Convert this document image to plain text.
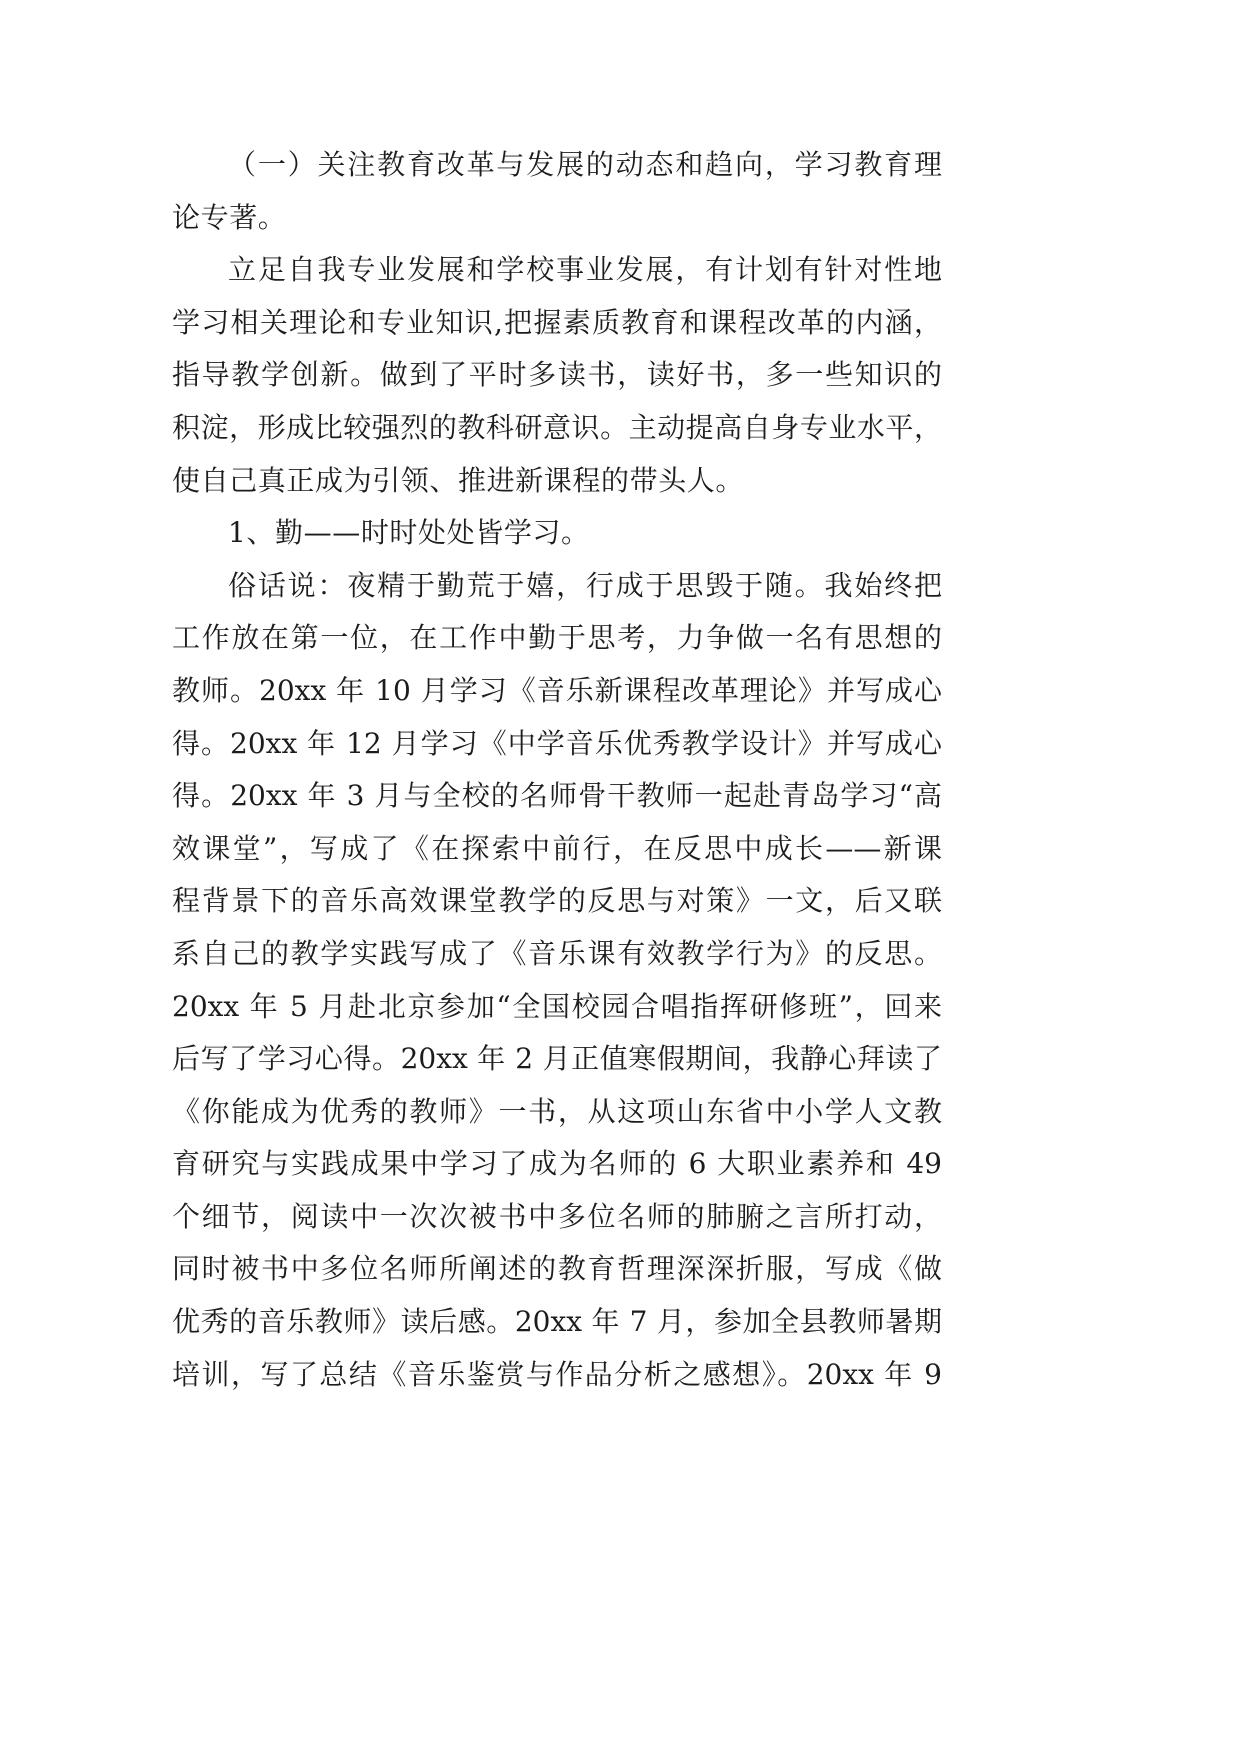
（一）关注教育改革与发展的动态和趋向，学习教育理
论专著。
立足自我专业发展和学校事业发展，有计划有针对性地
学习相关理论和专业知识,把握素质教育和课程改革的内涵，
指导教学创新。做到了平时多读书，读好书，多一些知识的
积淀，形成比较强烈的教科研意识。主动提高自身专业水平，
使自己真正成为引领、推进新课程的带头人。
1、勤——时时处处皆学习。
俗话说：夜精于勤荒于嬉，行成于思毁于随。我始终把
工作放在第一位，在工作中勤于思考，力争做一名有思想的
教师。20xx 年 10 月学习《音乐新课程改革理论》并写成心
得。20xx 年 12 月学习《中学音乐优秀教学设计》并写成心
得。20xx 年 3 月与全校的名师骨干教师一起赴青岛学习“高
效课堂”，写成了《在探索中前行，在反思中成长——新课
程背景下的音乐高效课堂教学的反思与对策》一文，后又联
系自己的教学实践写成了《音乐课有效教学行为》的反思。
20xx 年 5 月赴北京参加“全国校园合唱指挥研修班”，回来
后写了学习心得。20xx 年 2 月正值寒假期间，我静心拜读了
《你能成为优秀的教师》一书，从这项山东省中小学人文教
育研究与实践成果中学习了成为名师的 6 大职业素养和 49
个细节，阅读中一次次被书中多位名师的肺腑之言所打动，
同时被书中多位名师所阐述的教育哲理深深折服，写成《做
优秀的音乐教师》读后感。20xx 年 7 月，参加全县教师暑期
培训，写了总结《音乐鉴赏与作品分析之感想》。20xx 年 9
